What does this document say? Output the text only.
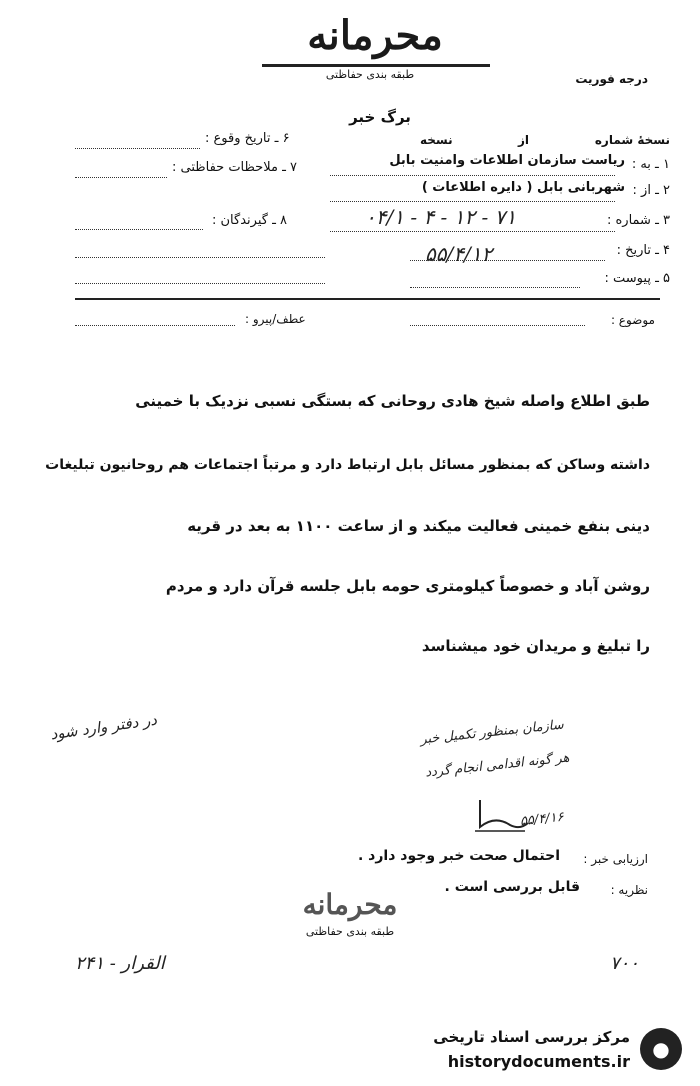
محرمانه
طبقه بندی حفاظتی	درجه فوریت
برگ خبر
نسخهٔ شماره
از
نسخه
۱ ـ به :
ریاست سازمان اطلاعات وامنیت بابل
۲ ـ از :
شهربانی بابل ( دایره اطلاعات )
۳ ـ شماره :
۰۴/۱ - ۴ - ۱۲ - ۷۱
۴ ـ تاریخ :
۵۵/۴/۱۲
۵ ـ پیوست :
۶ ـ تاریخ وقوع :
۷ ـ ملاحظات حفاظتی :
۸ ـ گیرندگان :
موضوع :
عطف/پیرو :
طبق اطلاع واصله شیخ هادی روحانی که بستگی نسبی نزدیک با خمینی
داشته وساکن که بمنظور مسائل بابل ارتباط دارد و مرتباً اجتماعات هم روحانیون تبلیغات
دینی بنفع خمینی فعالیت میکند و از ساعت ۱۱۰۰ به بعد در قریه
روشن آباد و خصوصاً کیلومتری حومه بابل جلسه قرآن دارد و مردم
را تبلیغ و مریدان خود میشناسد
در دفتر وارد شود	سازمان بمنظور تکمیل خبر
هر گونه اقدامی انجام گردد
۵۵/۴/۱۶
ارزیابی خبر :
احتمال صحت خبر وجود دارد .
نظریه :
قابل بررسی است .
محرمانه
طبقه بندی حفاظتی
۲۴۱ - القرار	۷۰۰
مرکز بررسی اسناد تاریخی
historydocuments.ir
●
